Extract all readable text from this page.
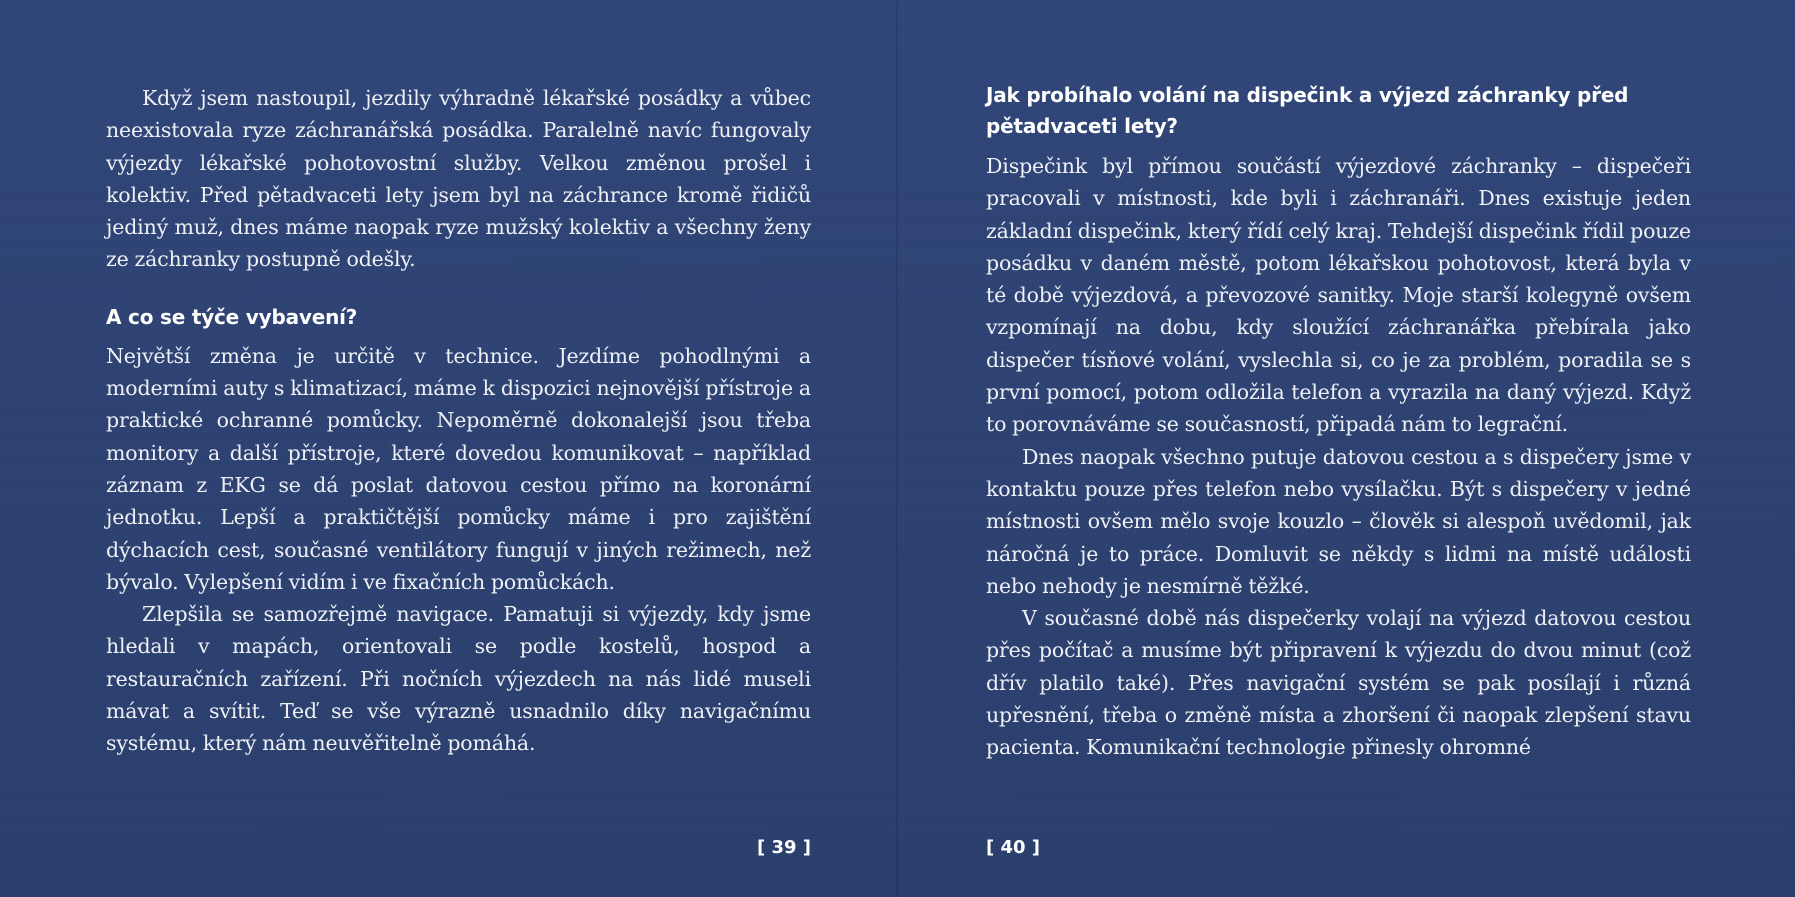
Když jsem nastoupil, jezdily výhradně lékařské posádky a vůbec neexistovala ryze záchranářská posádka. Paralelně navíc fungovaly výjezdy lékařské pohotovostní služby. Velkou změnou prošel i kolektiv. Před pětadvaceti lety jsem byl na záchrance kromě řidičů jediný muž, dnes máme naopak ryze mužský kolektiv a všechny ženy ze záchranky postupně odešly.

A co se týče vybavení?

Největší změna je určitě v technice. Jezdíme pohodlnými a moderními auty s klimatizací, máme k dispozici nejnovější přístroje a praktické ochranné pomůcky. Nepoměrně dokonalejší jsou třeba monitory a další přístroje, které dovedou komunikovat – například záznam z EKG se dá poslat datovou cestou přímo na koronární jednotku. Lepší a praktičtější pomůcky máme i pro zajištění dýchacích cest, současné ventilátory fungují v jiných režimech, než bývalo. Vylepšení vidím i ve fixačních pomůckách.

Zlepšila se samozřejmě navigace. Pamatuji si výjezdy, kdy jsme hledali v mapách, orientovali se podle kostelů, hospod a restauračních zařízení. Při nočních výjezdech na nás lidé museli mávat a svítit. Teď se vše výrazně usnadnilo díky navigačnímu systému, který nám neuvěřitelně pomáhá.

[ 39 ]
Jak probíhalo volání na dispečink a výjezd záchranky před pětadvaceti lety?

Dispečink byl přímou součástí výjezdové záchranky – dispečeři pracovali v místnosti, kde byli i záchranáři. Dnes existuje jeden základní dispečink, který řídí celý kraj. Tehdejší dispečink řídil pouze posádku v daném městě, potom lékařskou pohotovost, která byla v té době výjezdová, a převozové sanitky. Moje starší kolegyně ovšem vzpomínají na dobu, kdy sloužící záchranářka přebírala jako dispečer tísňové volání, vyslechla si, co je za problém, poradila se s první pomocí, potom odložila telefon a vyrazila na daný výjezd. Když to porovnáváme se současností, připadá nám to legrační.

Dnes naopak všechno putuje datovou cestou a s dispečery jsme v kontaktu pouze přes telefon nebo vysílačku. Být s dispečery v jedné místnosti ovšem mělo svoje kouzlo – člověk si alespoň uvědomil, jak náročná je to práce. Domluvit se někdy s lidmi na místě události nebo nehody je nesmírně těžké.

V současné době nás dispečerky volají na výjezd datovou cestou přes počítač a musíme být připravení k výjezdu do dvou minut (což dřív platilo také). Přes navigační systém se pak posílají i různá upřesnění, třeba o změně místa a zhoršení či naopak zlepšení stavu pacienta. Komunikační technologie přinesly ohromné

[ 40 ]
